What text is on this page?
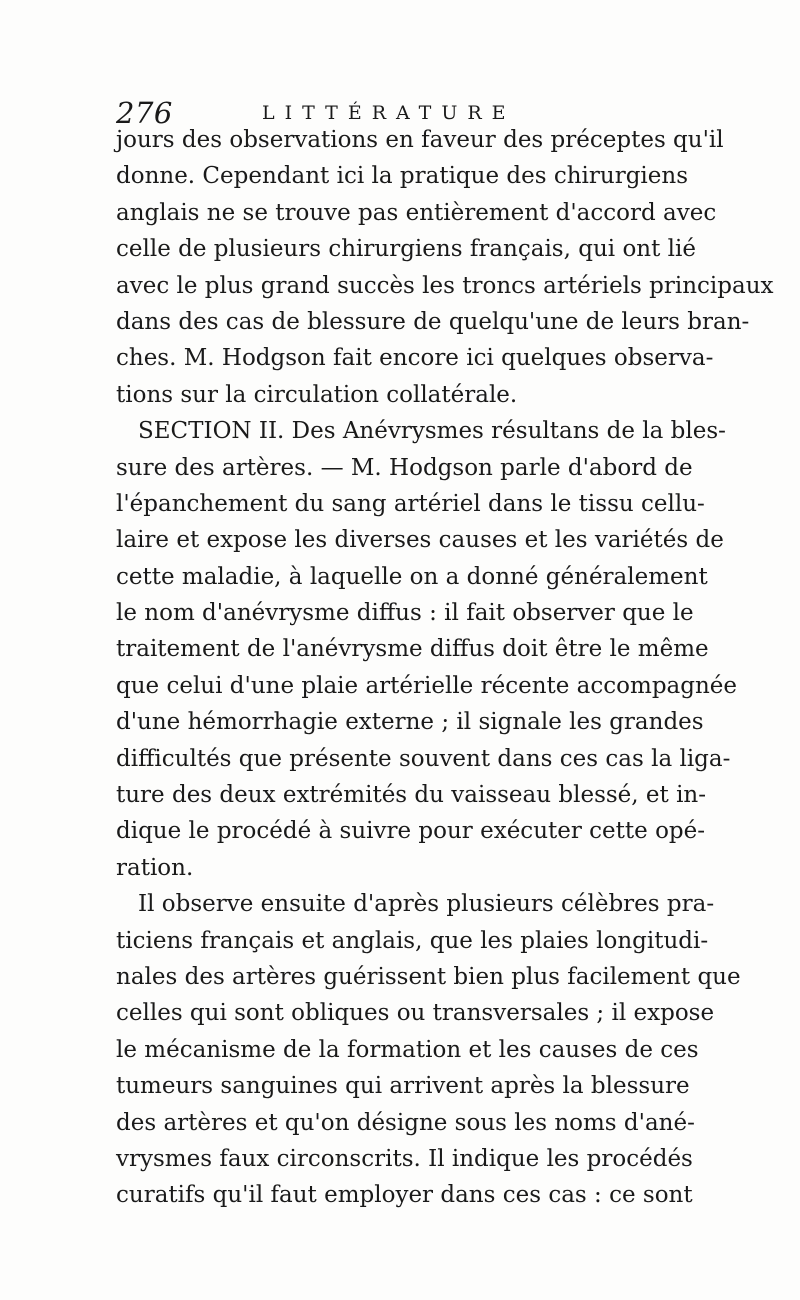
276	LITTÉRATURE
jours des observations en faveur des préceptes qu'il
donne. Cependant ici la pratique des chirurgiens
anglais ne se trouve pas entièrement d'accord avec
celle de plusieurs chirurgiens français, qui ont lié
avec le plus grand succès les troncs artériels principaux
dans des cas de blessure de quelqu'une de leurs bran-
ches. M. Hodgson fait encore ici quelques observa-
tions sur la circulation collatérale.
SECTION II. Des Anévrysmes résultans de la bles-
sure des artères. — M. Hodgson parle d'abord de
l'épanchement du sang artériel dans le tissu cellu-
laire et expose les diverses causes et les variétés de
cette maladie, à laquelle on a donné généralement
le nom d'anévrysme diffus : il fait observer que le
traitement de l'anévrysme diffus doit être le même
que celui d'une plaie artérielle récente accompagnée
d'une hémorrhagie externe ; il signale les grandes
difficultés que présente souvent dans ces cas la liga-
ture des deux extrémités du vaisseau blessé, et in-
dique le procédé à suivre pour exécuter cette opé-
ration.
Il observe ensuite d'après plusieurs célèbres pra-
ticiens français et anglais, que les plaies longitudi-
nales des artères guérissent bien plus facilement que
celles qui sont obliques ou transversales ; il expose
le mécanisme de la formation et les causes de ces
tumeurs sanguines qui arrivent après la blessure
des artères et qu'on désigne sous les noms d'ané-
vrysmes faux circonscrits. Il indique les procédés
curatifs qu'il faut employer dans ces cas : ce sont
